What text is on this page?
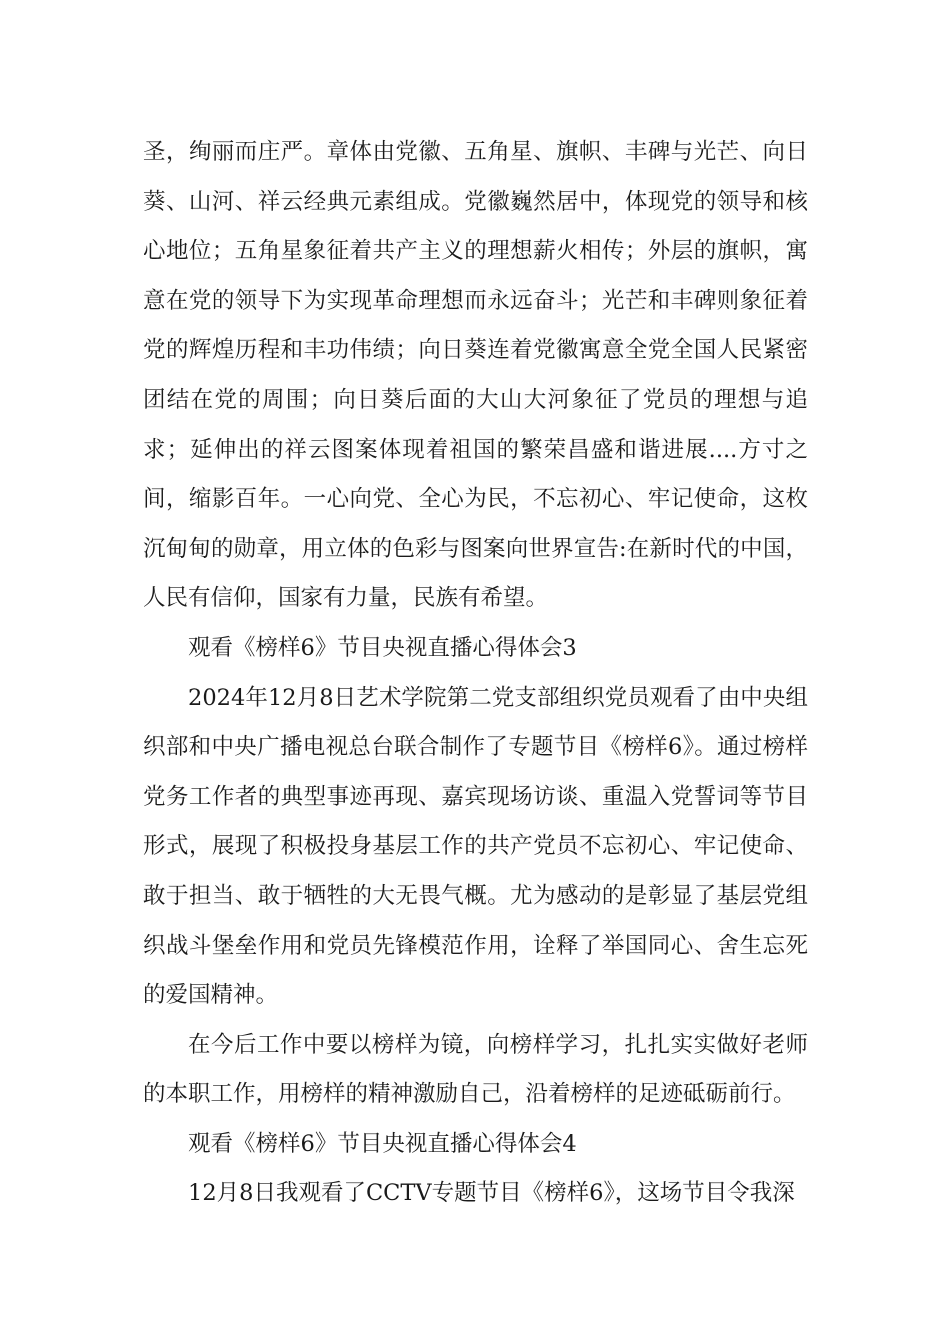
圣，绚丽而庄严。章体由党徽、五角星、旗帜、丰碑与光芒、向日葵、山河、祥云经典元素组成。党徽巍然居中，体现党的领导和核心地位；五角星象征着共产主义的理想薪火相传；外层的旗帜，寓意在党的领导下为实现革命理想而永远奋斗；光芒和丰碑则象征着党的辉煌历程和丰功伟绩；向日葵连着党徽寓意全党全国人民紧密团结在党的周围；向日葵后面的大山大河象征了党员的理想与追求；延伸出的祥云图案体现着祖国的繁荣昌盛和谐进展....方寸之间，缩影百年。一心向党、全心为民，不忘初心、牢记使命，这枚沉甸甸的勋章，用立体的色彩与图案向世界宣告:在新时代的中国，人民有信仰，国家有力量，民族有希望。

观看《榜样6》节目央视直播心得体会3

2024年12月8日艺术学院第二党支部组织党员观看了由中央组织部和中央广播电视总台联合制作了专题节目《榜样6》。通过榜样党务工作者的典型事迹再现、嘉宾现场访谈、重温入党誓词等节目形式，展现了积极投身基层工作的共产党员不忘初心、牢记使命、敢于担当、敢于牺牲的大无畏气概。尤为感动的是彰显了基层党组织战斗堡垒作用和党员先锋模范作用，诠释了举国同心、舍生忘死的爱国精神。

在今后工作中要以榜样为镜，向榜样学习，扎扎实实做好老师的本职工作，用榜样的精神激励自己，沿着榜样的足迹砥砺前行。

观看《榜样6》节目央视直播心得体会4

12月8日我观看了CCTV专题节目《榜样6》，这场节目令我深
